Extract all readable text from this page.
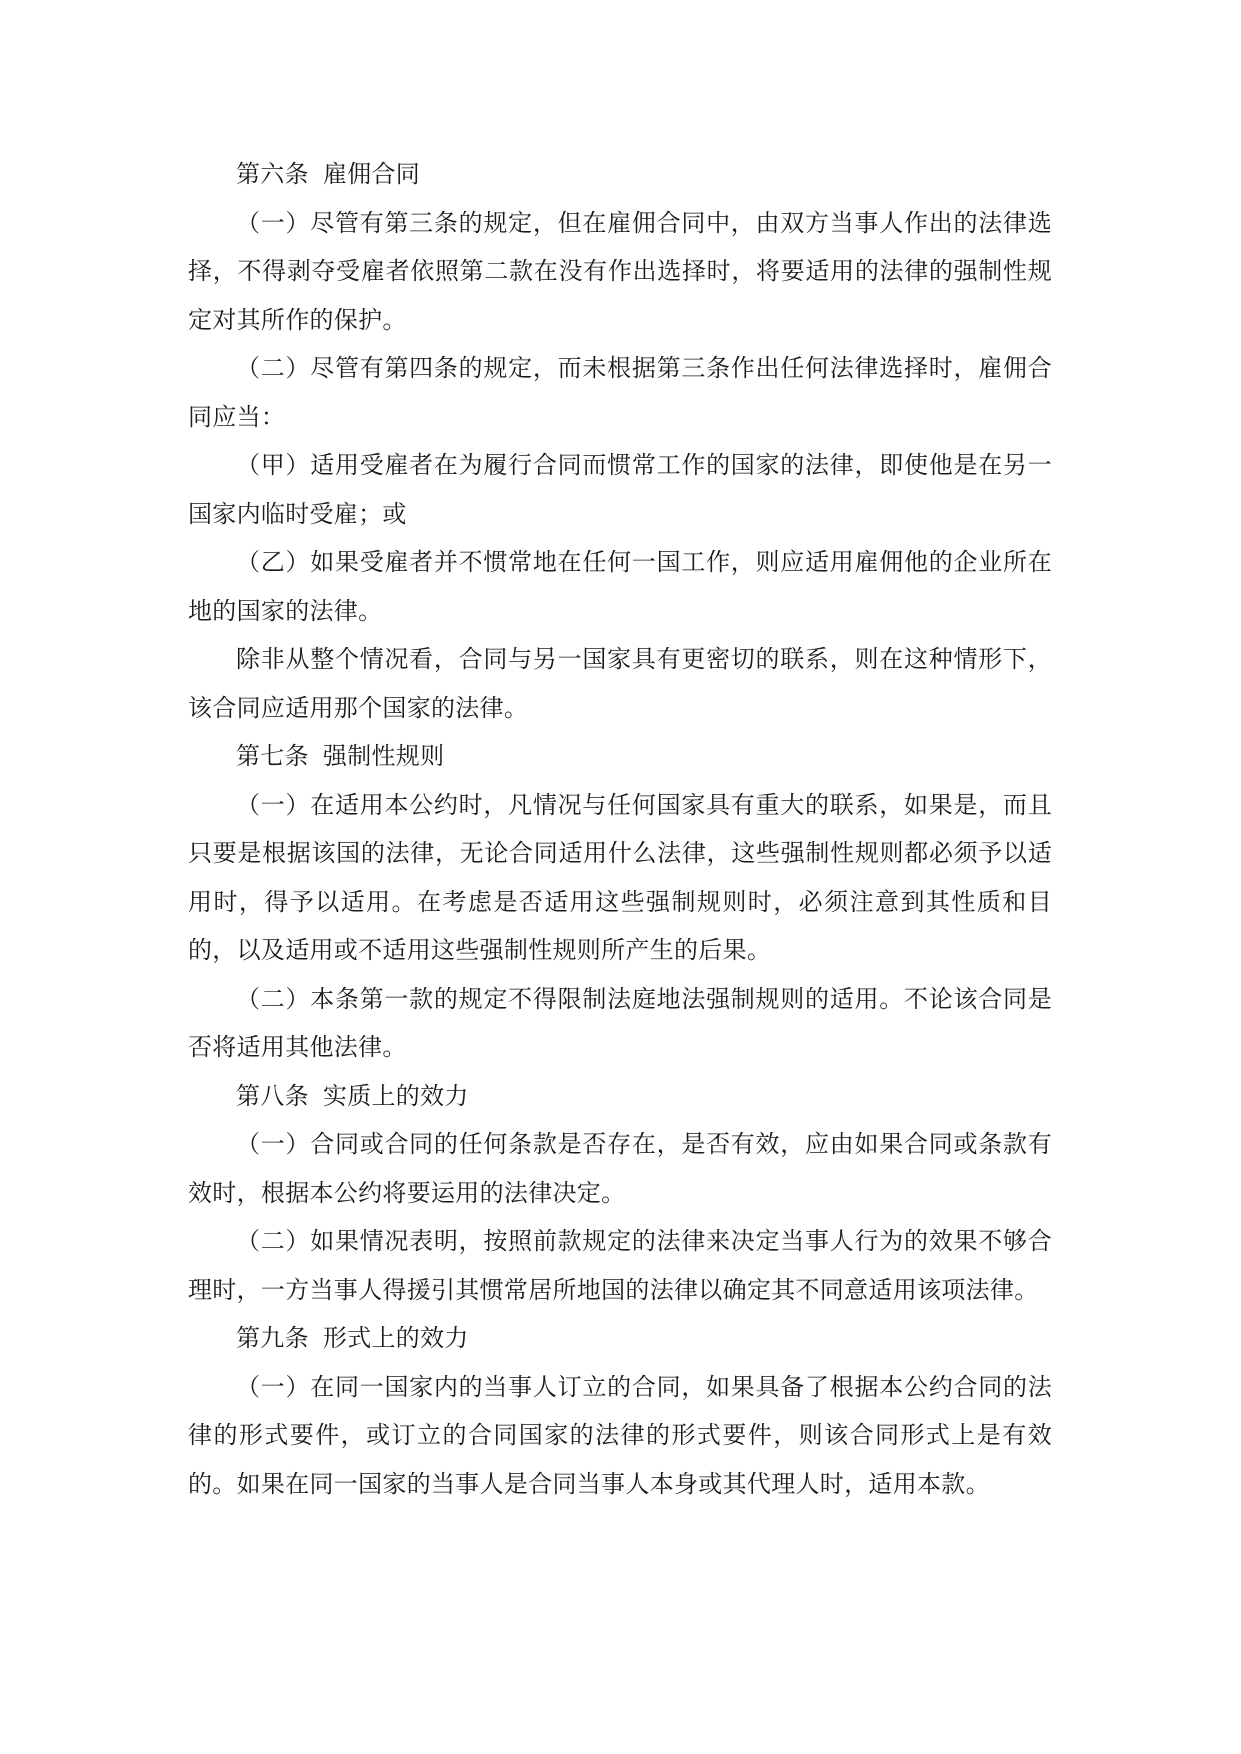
第六条 雇佣合同

（一）尽管有第三条的规定，但在雇佣合同中，由双方当事人作出的法律选择，不得剥夺受雇者依照第二款在没有作出选择时，将要适用的法律的强制性规定对其所作的保护。

（二）尽管有第四条的规定，而未根据第三条作出任何法律选择时，雇佣合同应当：

（甲）适用受雇者在为履行合同而惯常工作的国家的法律，即使他是在另一国家内临时受雇；或

（乙）如果受雇者并不惯常地在任何一国工作，则应适用雇佣他的企业所在地的国家的法律。

除非从整个情况看，合同与另一国家具有更密切的联系，则在这种情形下，该合同应适用那个国家的法律。

第七条 强制性规则

（一）在适用本公约时，凡情况与任何国家具有重大的联系，如果是，而且只要是根据该国的法律，无论合同适用什么法律，这些强制性规则都必须予以适用时，得予以适用。在考虑是否适用这些强制规则时，必须注意到其性质和目的，以及适用或不适用这些强制性规则所产生的后果。

（二）本条第一款的规定不得限制法庭地法强制规则的适用。不论该合同是否将适用其他法律。

第八条 实质上的效力

（一）合同或合同的任何条款是否存在，是否有效，应由如果合同或条款有效时，根据本公约将要运用的法律决定。

（二）如果情况表明，按照前款规定的法律来决定当事人行为的效果不够合理时，一方当事人得援引其惯常居所地国的法律以确定其不同意适用该项法律。

第九条 形式上的效力

（一）在同一国家内的当事人订立的合同，如果具备了根据本公约合同的法律的形式要件，或订立的合同国家的法律的形式要件，则该合同形式上是有效的。如果在同一国家的当事人是合同当事人本身或其代理人时，适用本款。
